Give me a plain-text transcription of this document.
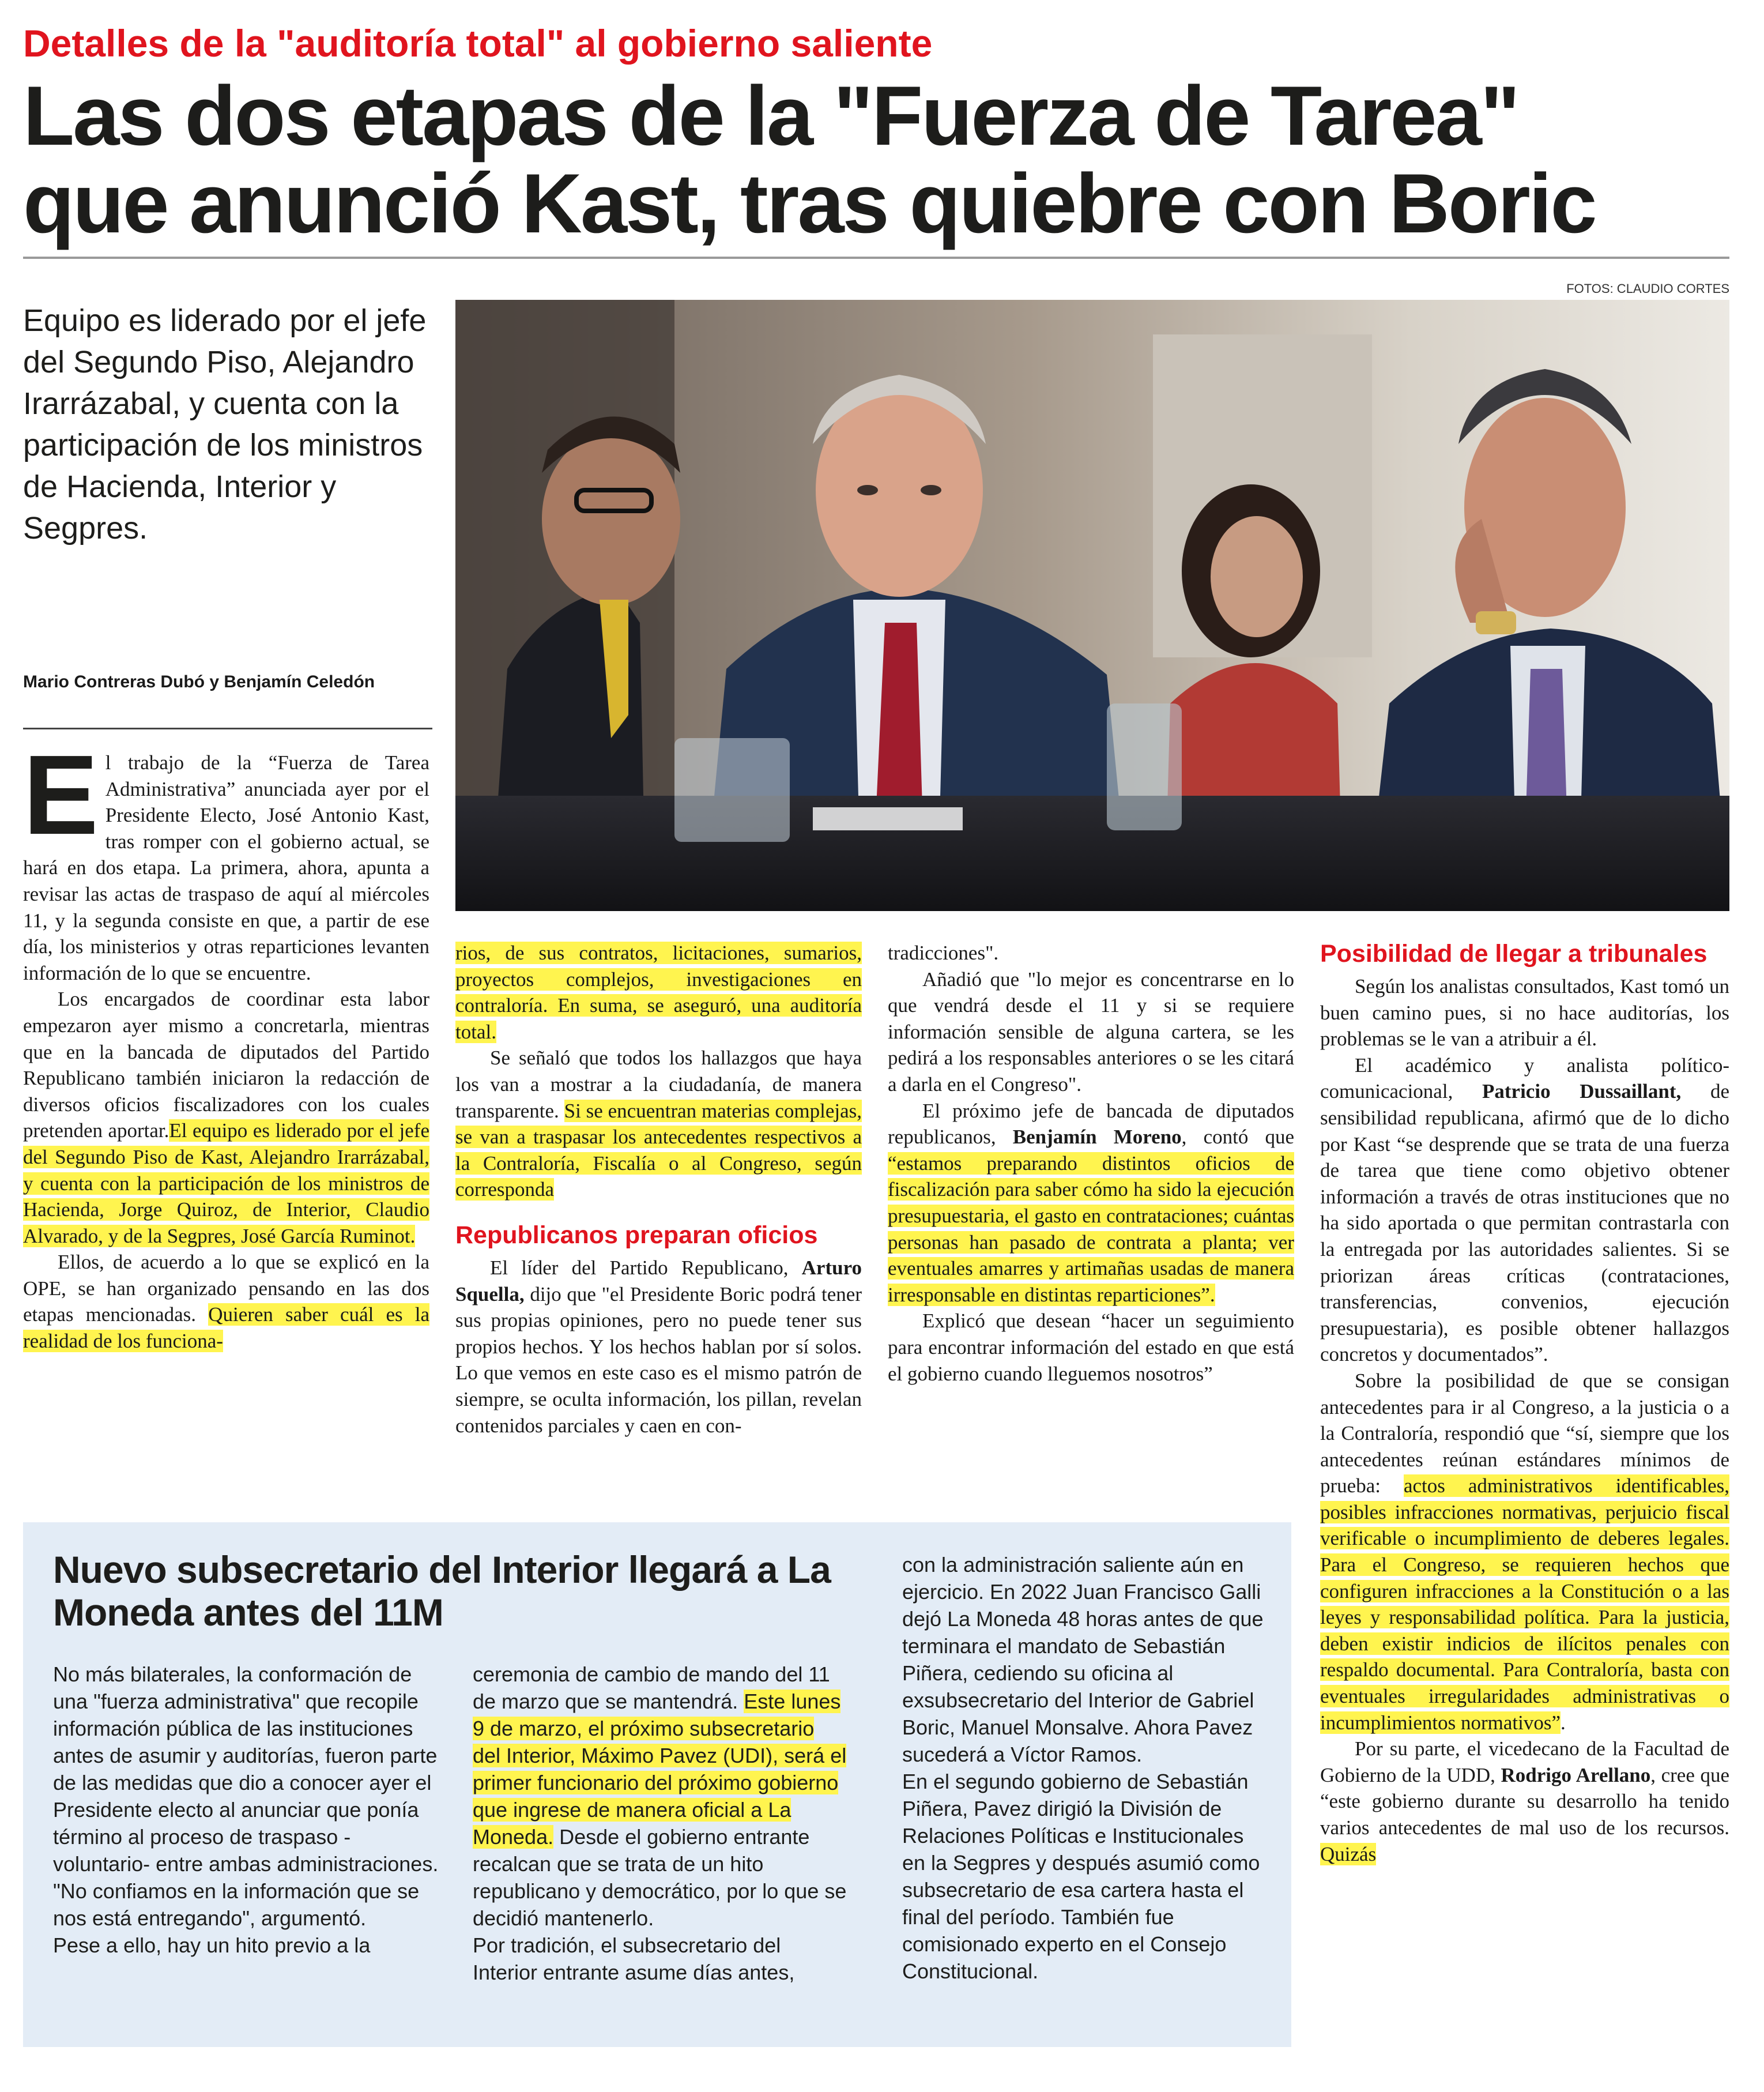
Detalles de la "auditoría total" al gobierno saliente
Las dos etapas de la "Fuerza de Tarea"
que anunció Kast, tras quiebre con Boric
FOTOS: CLAUDIO CORTES
Equipo es liderado por el jefe del Segundo Piso, Alejandro Irarrázabal, y cuenta con la participación de los ministros de Hacienda, Interior y Segpres.
Mario Contreras Dubó y Benjamín Celedón

El trabajo de la “Fuerza de Tarea Administrativa” anunciada ayer por el Presidente Electo, José Antonio Kast, tras romper con el gobierno actual, se hará en dos etapa. La primera, ahora, apunta a revisar las actas de traspaso de aquí al miércoles 11, y la segunda consiste en que, a partir de ese día, los ministerios y otras reparticiones levanten información de lo que se encuentre.

Los encargados de coordinar esta labor empezaron ayer mismo a concretarla, mientras que en la bancada de diputados del Partido Republicano también iniciaron la redacción de diversos oficios fiscalizadores con los cuales pretenden aportar.El equipo es liderado por el jefe del Segundo Piso de Kast, Alejandro Irarrázabal, y cuenta con la participación de los ministros de Hacienda, Jorge Quiroz, de Interior, Claudio Alvarado, y de la Segpres, José García Ruminot.

Ellos, de acuerdo a lo que se explicó en la OPE, se han organizado pensando en las dos etapas mencionadas. Quieren saber cuál es la realidad de los funciona-

rios, de sus contratos, licitaciones, sumarios, proyectos complejos, investigaciones en contraloría. En suma, se aseguró, una auditoría total.

Se señaló que todos los hallazgos que haya los van a mostrar a la ciudadanía, de manera transparente. Si se encuentran materias complejas, se van a traspasar los antecedentes respectivos a la Contraloría, Fiscalía o al Congreso, según corresponda

Republicanos preparan oficios

El líder del Partido Republicano, Arturo Squella, dijo que "el Presidente Boric podrá tener sus propias opiniones, pero no puede tener sus propios hechos. Y los hechos hablan por sí solos. Lo que vemos en este caso es el mismo patrón de siempre, se oculta información, los pillan, revelan contenidos parciales y caen en con-

tradicciones".

Añadió que "lo mejor es concentrarse en lo que vendrá desde el 11 y si se requiere información sensible de alguna cartera, se les pedirá a los responsables anteriores o se les citará a darla en el Congreso".

El próximo jefe de bancada de diputados republicanos, Benjamín Moreno, contó que “estamos preparando distintos oficios de fiscalización para saber cómo ha sido la ejecución presupuestaria, el gasto en contrataciones; cuántas personas han pasado de contrata a planta; ver eventuales amarres y artimañas usadas de manera irresponsable en distintas reparticiones”.

Explicó que desean “hacer un seguimiento para encontrar información del estado en que está el gobierno cuando lleguemos nosotros”

Posibilidad de llegar a tribunales

Según los analistas consultados, Kast tomó un buen camino pues, si no hace auditorías, los problemas se le van a atribuir a él.

El académico y analista político-comunicacional, Patricio Dussaillant, de sensibilidad republicana, afirmó que de lo dicho por Kast “se desprende que se trata de una fuerza de tarea que tiene como objetivo obtener información a través de otras instituciones que no ha sido aportada o que permitan contrastarla con la entregada por las autoridades salientes. Si se priorizan áreas críticas (contrataciones, transferencias, convenios, ejecución presupuestaria), es posible obtener hallazgos concretos y documentados”.

Sobre la posibilidad de que se consigan antecedentes para ir al Congreso, a la justicia o a la Contraloría, respondió que “sí, siempre que los antecedentes reúnan estándares mínimos de prueba: actos administrativos identificables, posibles infracciones normativas, perjuicio fiscal verificable o incumplimiento de deberes legales. Para el Congreso, se requieren hechos que configuren infracciones a la Constitución o a las leyes y responsabilidad política. Para la justicia, deben existir indicios de ilícitos penales con respaldo documental. Para Contraloría, basta con eventuales irregularidades administrativas o incumplimientos normativos”.

Por su parte, el vicedecano de la Facultad de Gobierno de la UDD, Rodrigo Arellano, cree que “este gobierno durante su desarrollo ha tenido varios antecedentes de mal uso de los recursos. Quizás

Nuevo subsecretario del Interior llegará a La Moneda antes del 11M

No más bilaterales, la conformación de una "fuerza administrativa" que recopile información pública de las instituciones antes de asumir y auditorías, fueron parte de las medidas que dio a conocer ayer el Presidente electo al anunciar que ponía término al proceso de traspaso -voluntario- entre ambas administraciones. "No confiamos en la información que se nos está entregando", argumentó.

Pese a ello, hay un hito previo a la

ceremonia de cambio de mando del 11 de marzo que se mantendrá. Este lunes 9 de marzo, el próximo subsecretario del Interior, Máximo Pavez (UDI), será el primer funcionario del próximo gobierno que ingrese de manera oficial a La Moneda. Desde el gobierno entrante recalcan que se trata de un hito republicano y democrático, por lo que se decidió mantenerlo.

Por tradición, el subsecretario del Interior entrante asume días antes,

con la administración saliente aún en ejercicio. En 2022 Juan Francisco Galli dejó La Moneda 48 horas antes de que terminara el mandato de Sebastián Piñera, cediendo su oficina al exsubsecretario del Interior de Gabriel Boric, Manuel Monsalve. Ahora Pavez sucederá a Víctor Ramos.

En el segundo gobierno de Sebastián Piñera, Pavez dirigió la División de Relaciones Políticas e Institucionales en la Segpres y después asumió como subsecretario de esa cartera hasta el final del período. También fue comisionado experto en el Consejo Constitucional.
